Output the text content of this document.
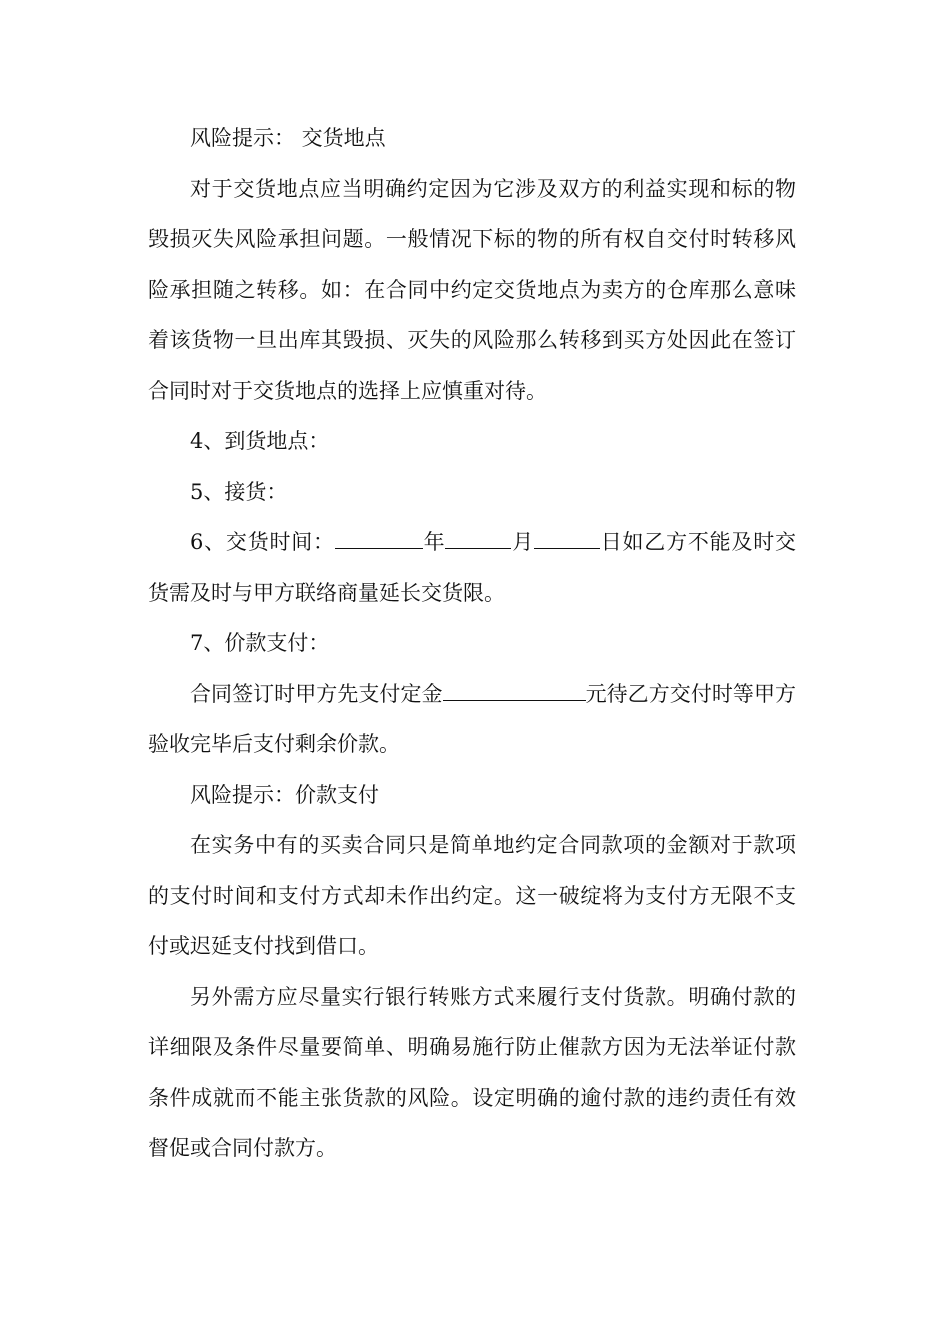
风险提示： 交货地点

对于交货地点应当明确约定因为它涉及双方的利益实现和标的物毁损灭失风险承担问题。一般情况下标的物的所有权自交付时转移风险承担随之转移。如：在合同中约定交货地点为卖方的仓库那么意味着该货物一旦出库其毁损、灭失的风险那么转移到买方处因此在签订合同时对于交货地点的选择上应慎重对待。

4、到货地点：

5、接货：

6、交货时间：	年	月	日如乙方不能及时交货需及时与甲方联络商量延长交货限。

7、价款支付：

合同签订时甲方先支付定金	元待乙方交付时等甲方验收完毕后支付剩余价款。

风险提示：价款支付

在实务中有的买卖合同只是简单地约定合同款项的金额对于款项的支付时间和支付方式却未作出约定。这一破绽将为支付方无限不支付或迟延支付找到借口。

另外需方应尽量实行银行转账方式来履行支付货款。明确付款的详细限及条件尽量要简单、明确易施行防止催款方因为无法举证付款条件成就而不能主张货款的风险。设定明确的逾付款的违约责任有效督促或合同付款方。
